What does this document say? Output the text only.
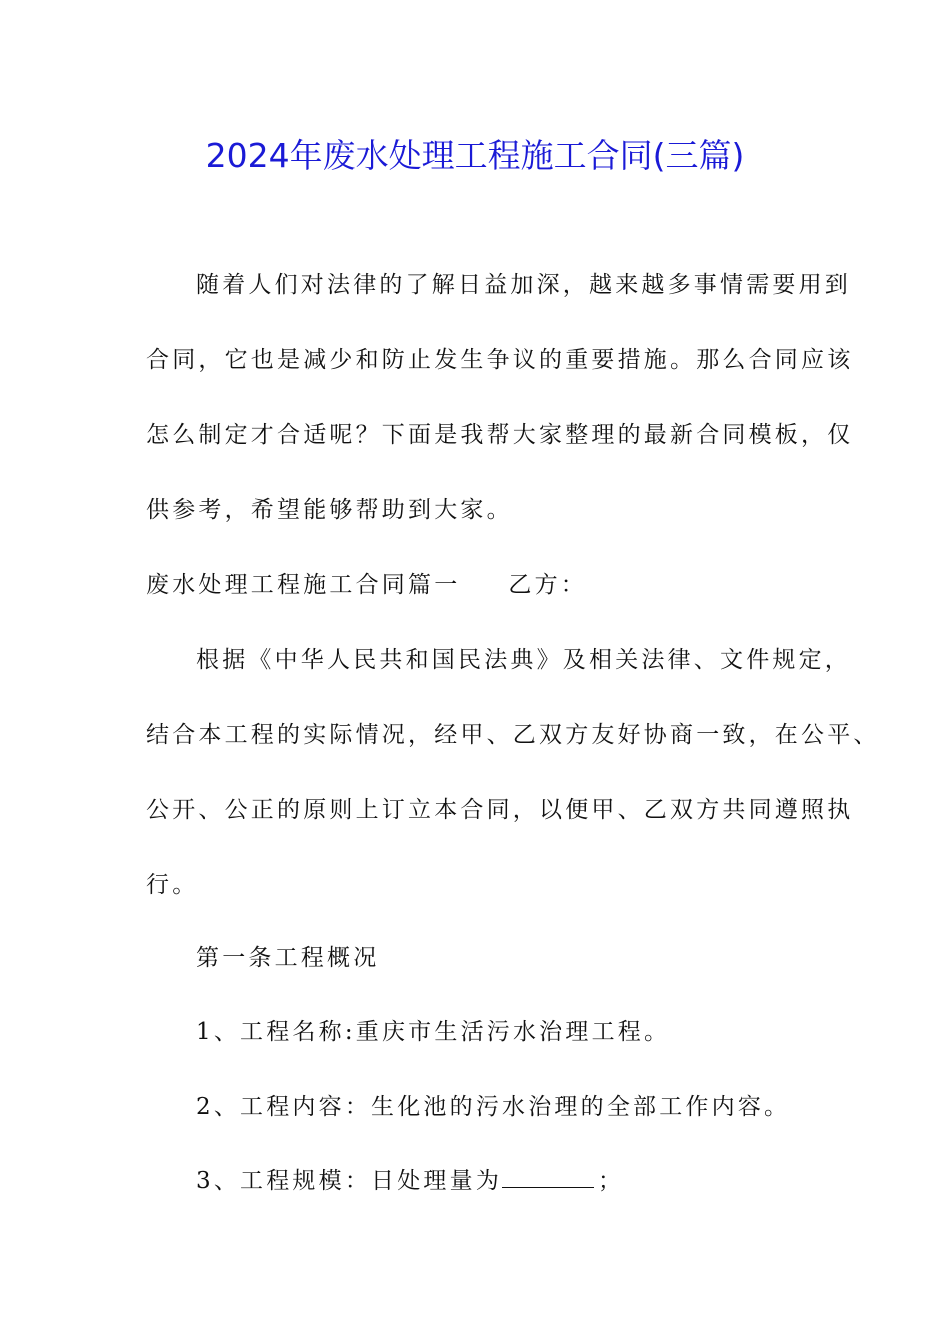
2024年废水处理工程施工合同(三篇)
随着人们对法律的了解日益加深，越来越多事情需要用到
合同，它也是减少和防止发生争议的重要措施。那么合同应该
怎么制定才合适呢？下面是我帮大家整理的最新合同模板，仅
供参考，希望能够帮助到大家。
废水处理工程施工合同篇一 乙方：
根据《中华人民共和国民法典》及相关法律、文件规定，
结合本工程的实际情况，经甲、乙双方友好协商一致，在公平、
公开、公正的原则上订立本合同，以便甲、乙双方共同遵照执
行。
第一条工程概况
1、工程名称:重庆市生活污水治理工程。
2、工程内容：生化池的污水治理的全部工作内容。
3、工程规模：日处理量为	；
